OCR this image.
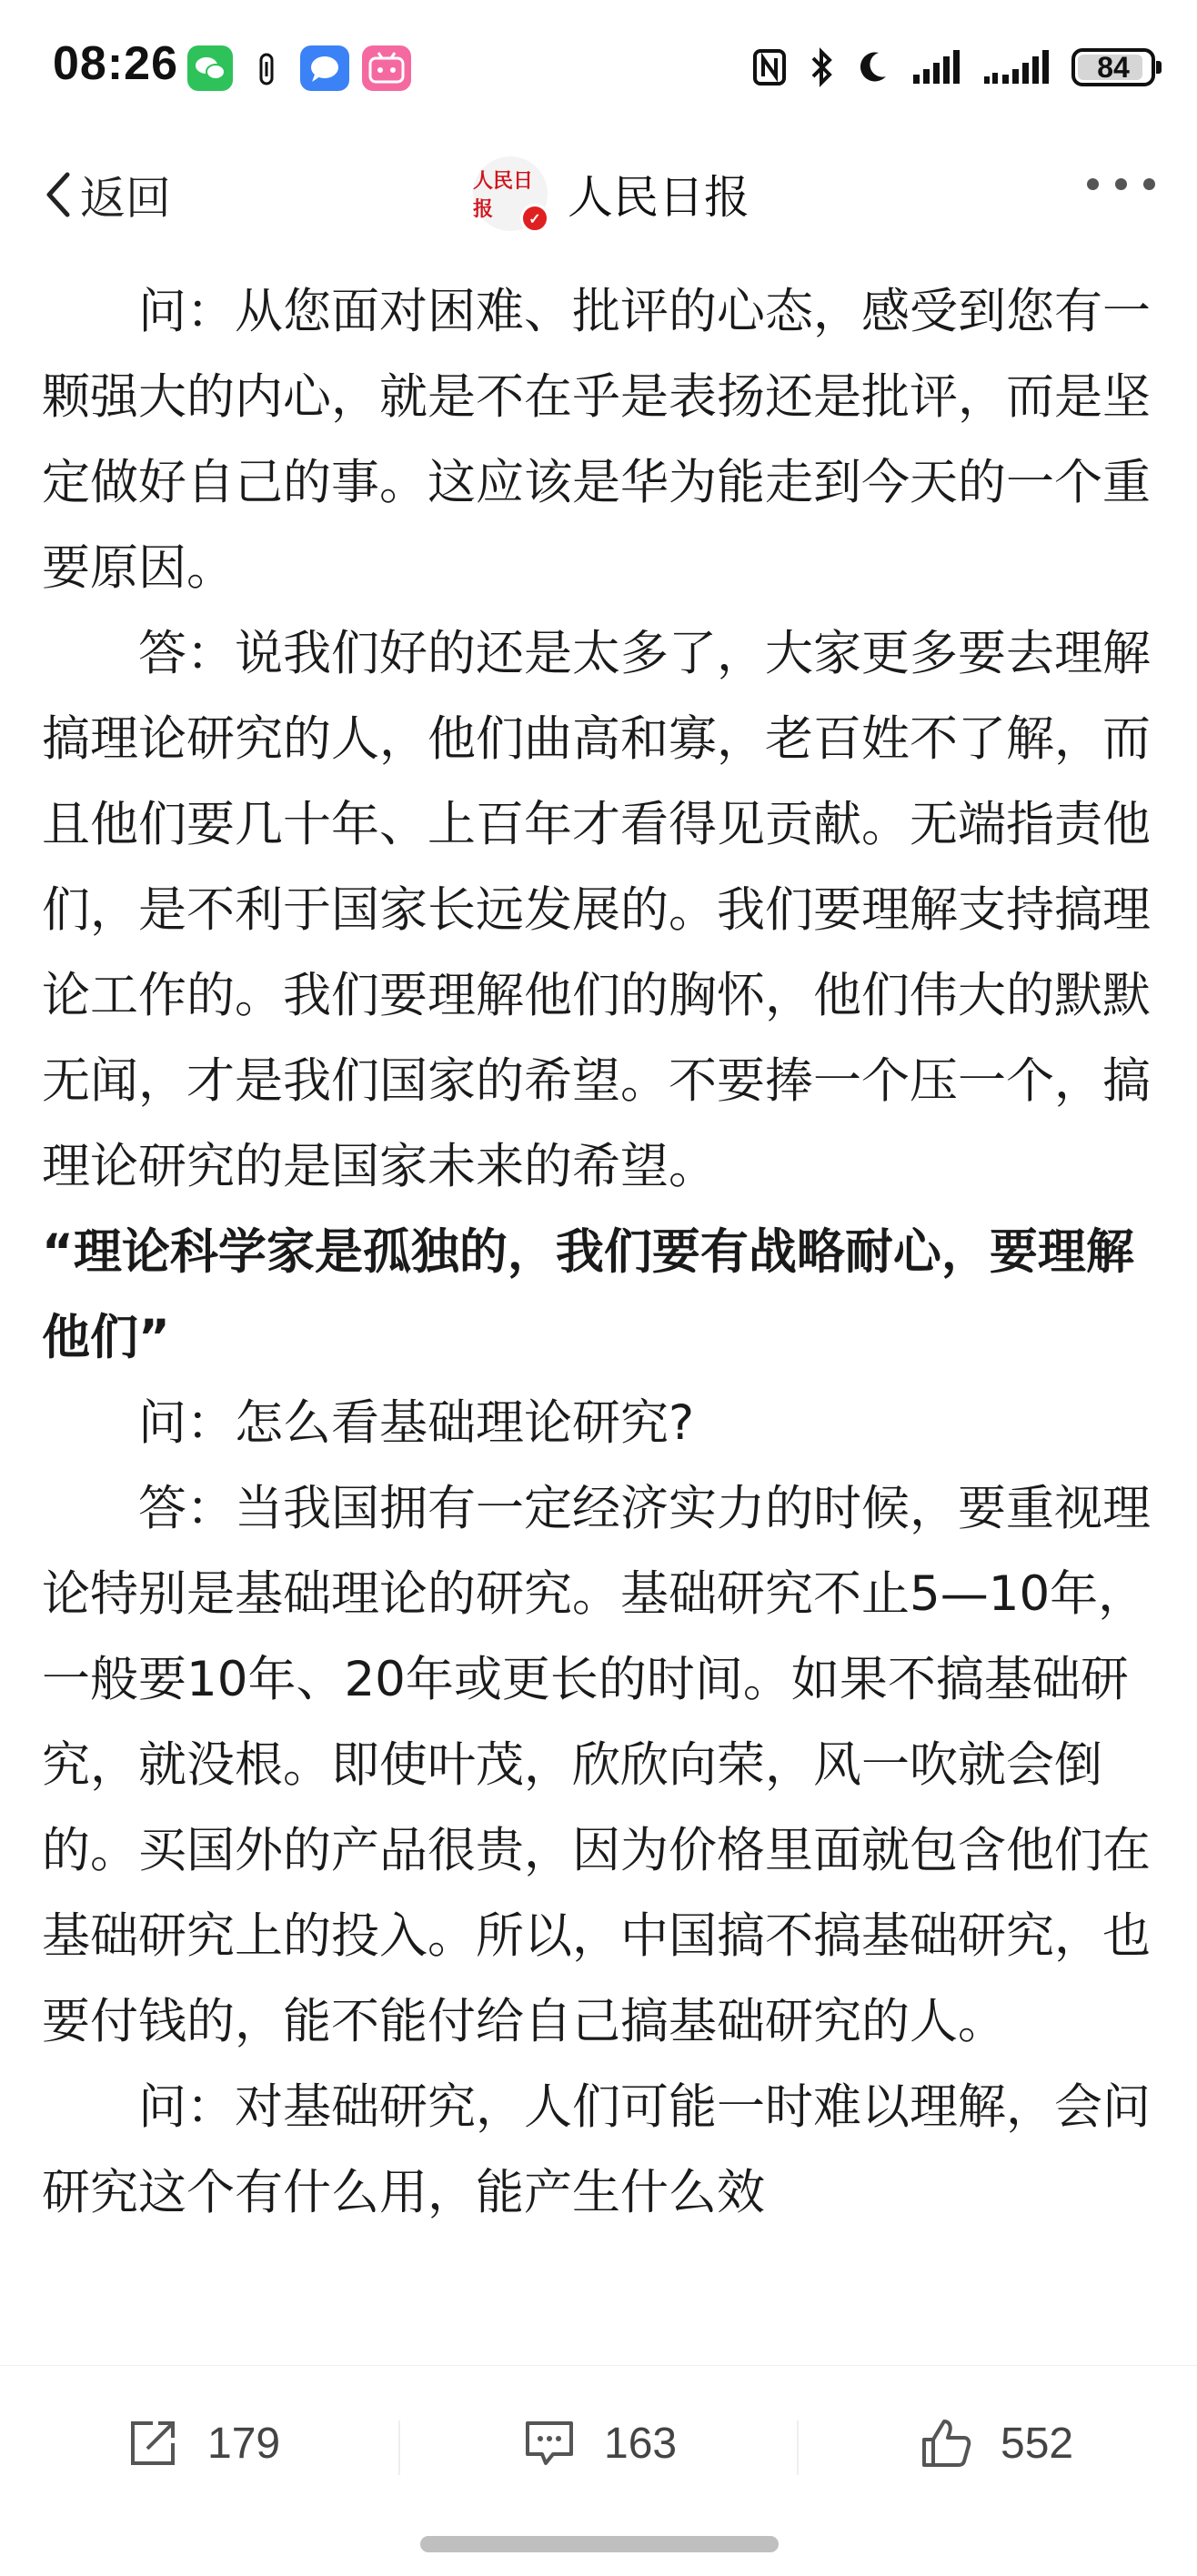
08:26	84
返回	人民日报	✓ 人民日报

问：从您面对困难、批评的心态，感受到您有一颗强大的内心，就是不在乎是表扬还是批评，而是坚定做好自己的事。这应该是华为能走到今天的一个重要原因。

答：说我们好的还是太多了，大家更多要去理解搞理论研究的人，他们曲高和寡，老百姓不了解，而且他们要几十年、上百年才看得见贡献。无端指责他们，是不利于国家长远发展的。我们要理解支持搞理论工作的。我们要理解他们的胸怀，他们伟大的默默无闻，才是我们国家的希望。不要捧一个压一个，搞理论研究的是国家未来的希望。

“理论科学家是孤独的，我们要有战略耐心，要理解他们”

问：怎么看基础理论研究?

答：当我国拥有一定经济实力的时候，要重视理论特别是基础理论的研究。基础研究不止5—10年，一般要10年、20年或更长的时间。如果不搞基础研究，就没根。即使叶茂，欣欣向荣，风一吹就会倒的。买国外的产品很贵，因为价格里面就包含他们在基础研究上的投入。所以，中国搞不搞基础研究，也要付钱的，能不能付给自己搞基础研究的人。

问：对基础研究，人们可能一时难以理解，会问研究这个有什么用，能产生什么效

179	163	552
